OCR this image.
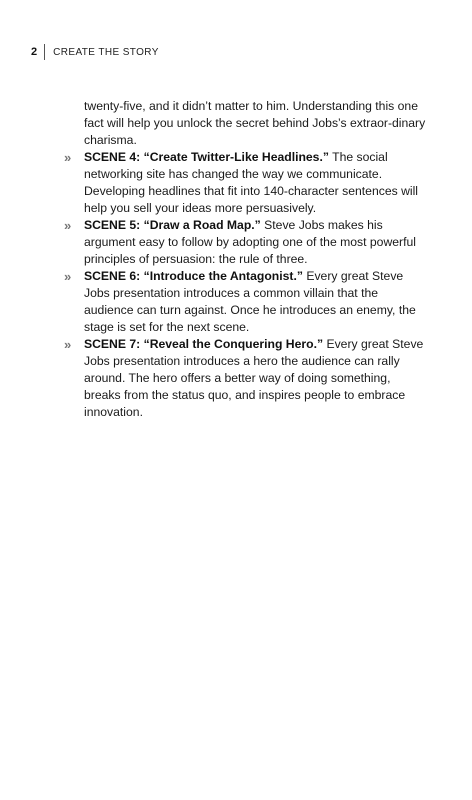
2	CREATE THE STORY

twenty-five, and it didn’t matter to him. Understanding this one fact will help you unlock the secret behind Jobs’s extraor-dinary charisma.

» SCENE 4: “Create Twitter-Like Headlines.” The social networking site has changed the way we communicate. Developing headlines that fit into 140-character sentences will help you sell your ideas more persuasively.

» SCENE 5: “Draw a Road Map.” Steve Jobs makes his argument easy to follow by adopting one of the most powerful principles of persuasion: the rule of three.

» SCENE 6: “Introduce the Antagonist.” Every great Steve Jobs presentation introduces a common villain that the audience can turn against. Once he introduces an enemy, the stage is set for the next scene.

» SCENE 7: “Reveal the Conquering Hero.” Every great Steve Jobs presentation introduces a hero the audience can rally around. The hero offers a better way of doing something, breaks from the status quo, and inspires people to embrace innovation.
